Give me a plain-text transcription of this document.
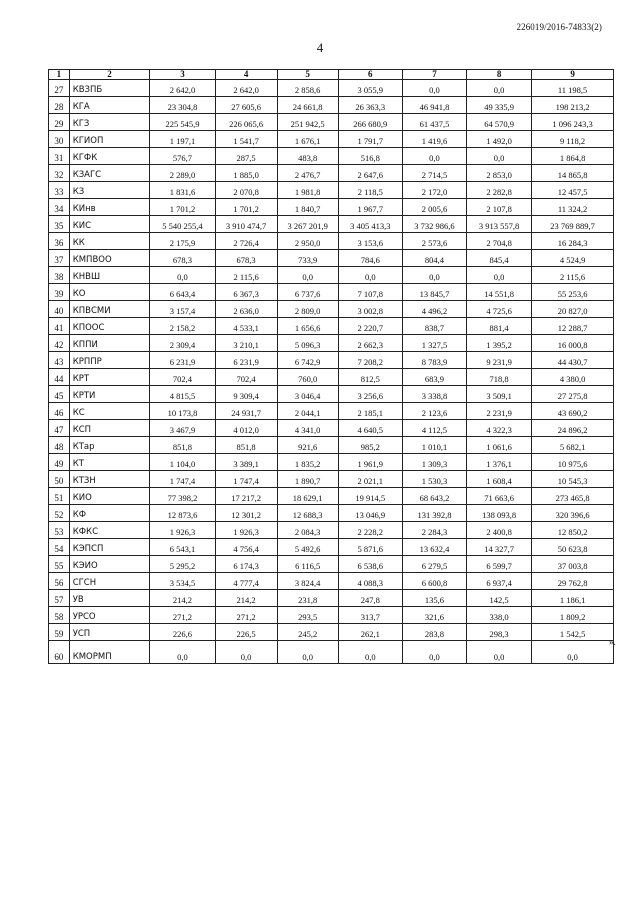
226019/2016-74833(2)
4
1	2	3	4	5	6	7	8	9
27	КВЗПБ	2 642,0	2 642,0	2 858,6	3 055,9	0,0	0,0	11 198,5
28	КГА	23 304,8	27 605,6	24 661,8	26 363,3	46 941,8	49 335,9	198 213,2
29	КГЗ	225 545,9	226 065,6	251 942,5	266 680,9	61 437,5	64 570,9	1 096 243,3
30	КГИОП	1 197,1	1 541,7	1 676,1	1 791,7	1 419,6	1 492,0	9 118,2
31	КГФК	576,7	287,5	483,8	516,8	0,0	0,0	1 864,8
32	КЗАГС	2 289,0	1 885,0	2 476,7	2 647,6	2 714,5	2 853,0	14 865,8
33	КЗ	1 831,6	2 070,8	1 981,8	2 118,5	2 172,0	2 282,8	12 457,5
34	КИнв	1 701,2	1 701,2	1 840,7	1 967,7	2 005,6	2 107,8	11 324,2
35	КИС	5 540 255,4	3 910 474,7	3 267 201,9	3 405 413,3	3 732 986,6	3 913 557,8	23 769 889,7
36	КК	2 175,9	2 726,4	2 950,0	3 153,6	2 573,6	2 704,8	16 284,3
37	КМПВОО	678,3	678,3	733,9	784,6	804,4	845,4	4 524,9
38	КНВШ	0,0	2 115,6	0,0	0,0	0,0	0,0	2 115,6
39	КО	6 643,4	6 367,3	6 737,6	7 107,8	13 845,7	14 551,8	55 253,6
40	КПВСМИ	3 157,4	2 636,0	2 809,0	3 002,8	4 496,2	4 725,6	20 827,0
41	КПООС	2 158,2	4 533,1	1 656,6	2 220,7	838,7	881,4	12 288,7
42	КППИ	2 309,4	3 210,1	5 096,3	2 662,3	1 327,5	1 395,2	16 000,8
43	КРППР	6 231,9	6 231,9	6 742,9	7 208,2	8 783,9	9 231,9	44 430,7
44	КРТ	702,4	702,4	760,0	812,5	683,9	718,8	4 380,0
45	КРТИ	4 815,5	9 309,4	3 046,4	3 256,6	3 338,8	3 509,1	27 275,8
46	КС	10 173,8	24 931,7	2 044,1	2 185,1	2 123,6	2 231,9	43 690,2
47	КСП	3 467,9	4 012,0	4 341,0	4 640,5	4 112,5	4 322,3	24 896,2
48	КТар	851,8	851,8	921,6	985,2	1 010,1	1 061,6	5 682,1
49	КТ	1 104,0	3 389,1	1 835,2	1 961,9	1 309,3	1 376,1	10 975,6
50	КТЗН	1 747,4	1 747,4	1 890,7	2 021,1	1 530,3	1 608,4	10 545,3
51	КИО	77 398,2	17 217,2	18 629,1	19 914,5	68 643,2	71 663,6	273 465,8
52	КФ	12 873,6	12 301,2	12 688,3	13 046,9	131 392,8	138 093,8	320 396,6
53	КФКС	1 926,3	1 926,3	2 084,3	2 228,2	2 284,3	2 400,8	12 850,2
54	КЭПСП	6 543,1	4 756,4	5 492,6	5 871,6	13 632,4	14 327,7	50 623,8
55	КЭИО	5 295,2	6 174,3	6 116,5	6 538,6	6 279,5	6 599,7	37 003,8
56	СГСН	3 534,5	4 777,4	3 824,4	4 088,3	6 600,8	6 937,4	29 762,8
57	УВ	214,2	214,2	231,8	247,8	135,6	142,5	1 186,1
58	УРСО	271,2	271,2	293,5	313,7	321,6	338,0	1 809,2
59	УСП	226,6	226,5	245,2	262,1	283,8	298,3	1 542,5
60	КМОРМП	0,0	0,0	0,0	0,0	0,0	0,0	0,0
».
